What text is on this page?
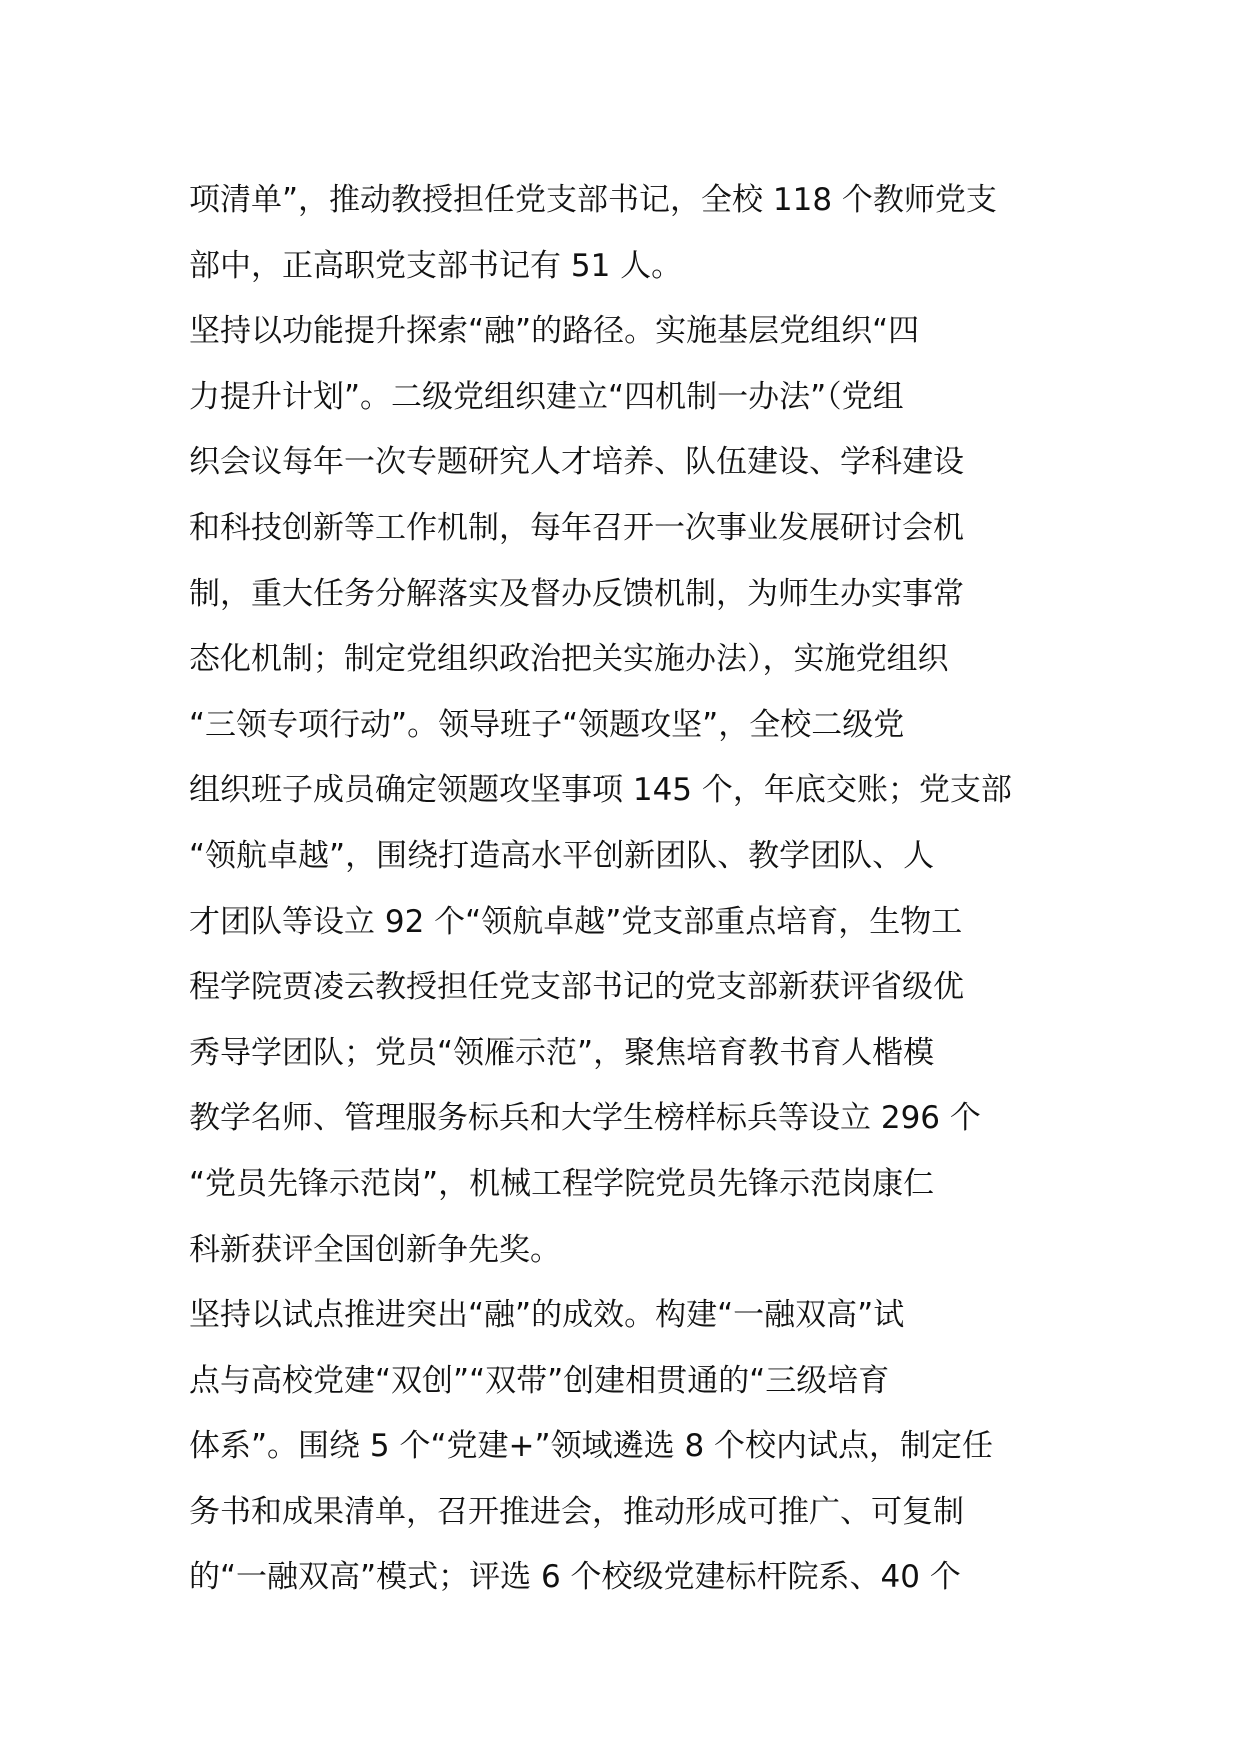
项清单”，推动教授担任党支部书记，全校 118 个教师党支
部中，正高职党支部书记有 51 人。

坚持以功能提升探索“融”的路径。实施基层党组织“四
力提升计划”。二级党组织建立“四机制一办法”（党组
织会议每年一次专题研究人才培养、队伍建设、学科建设
和科技创新等工作机制，每年召开一次事业发展研讨会机
制，重大任务分解落实及督办反馈机制，为师生办实事常
态化机制；制定党组织政治把关实施办法），实施党组织
“三领专项行动”。领导班子“领题攻坚”，全校二级党
组织班子成员确定领题攻坚事项 145 个，年底交账；党支部
“领航卓越”，围绕打造高水平创新团队、教学团队、人
才团队等设立 92 个“领航卓越”党支部重点培育，生物工
程学院贾凌云教授担任党支部书记的党支部新获评省级优
秀导学团队；党员“领雁示范”，聚焦培育教书育人楷模
教学名师、管理服务标兵和大学生榜样标兵等设立 296 个
“党员先锋示范岗”，机械工程学院党员先锋示范岗康仁
科新获评全国创新争先奖。

坚持以试点推进突出“融”的成效。构建“一融双高”试
点与高校党建“双创”“双带”创建相贯通的“三级培育
体系”。围绕 5 个“党建+”领域遴选 8 个校内试点，制定任
务书和成果清单，召开推进会，推动形成可推广、可复制
的“一融双高”模式；评选 6 个校级党建标杆院系、40 个
